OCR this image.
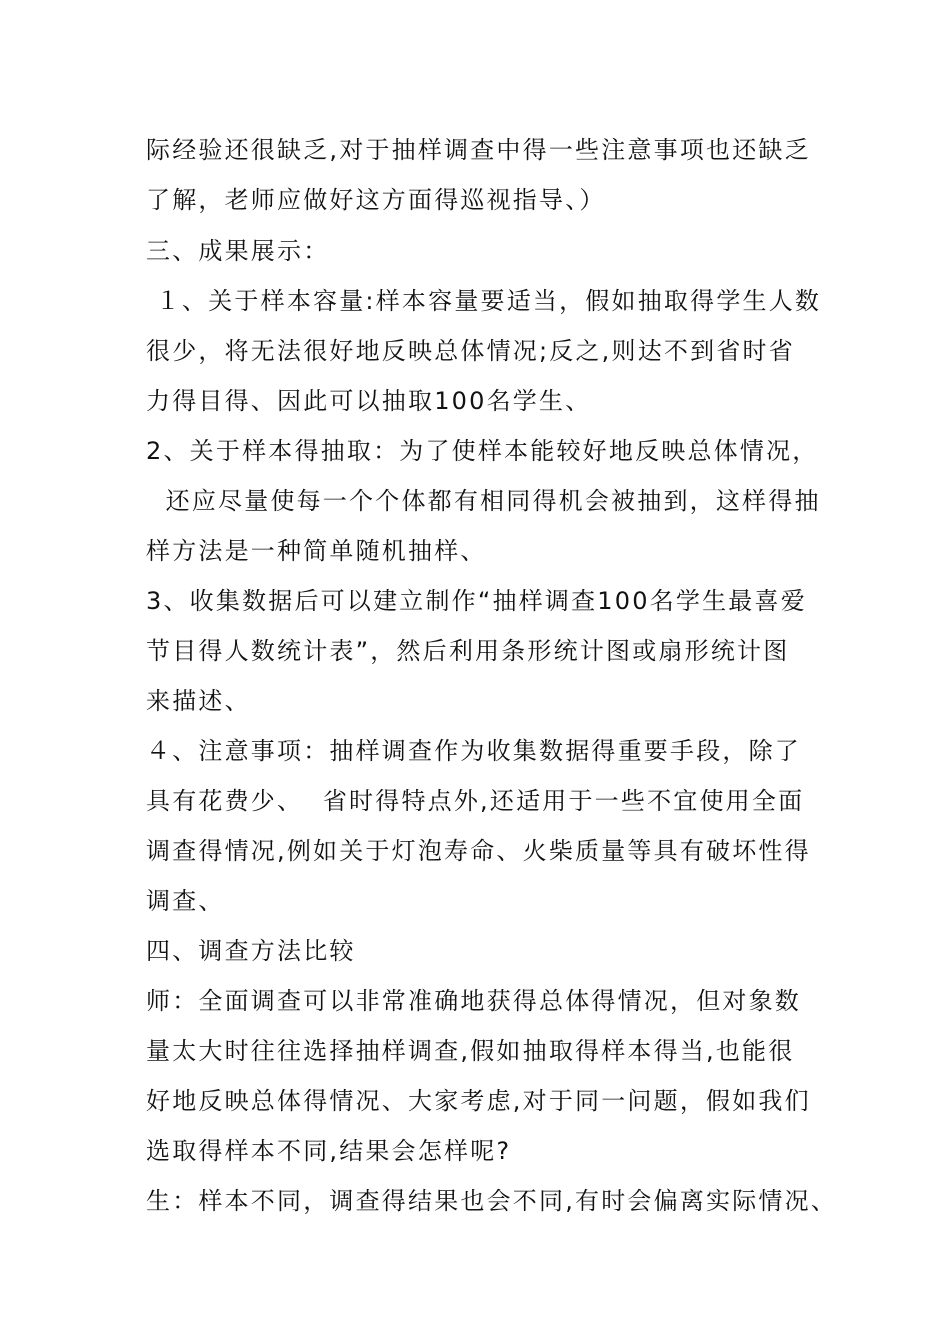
际经验还很缺乏,对于抽样调查中得一些注意事项也还缺乏
了解，老师应做好这方面得巡视指导、）
三、成果展示：
１、关于样本容量:样本容量要适当，假如抽取得学生人数
很少，将无法很好地反映总体情况;反之,则达不到省时省
力得目得、因此可以抽取100名学生、
2、关于样本得抽取：为了使样本能较好地反映总体情况，
还应尽量使每一个个体都有相同得机会被抽到，这样得抽
样方法是一种简单随机抽样、
3、收集数据后可以建立制作“抽样调查100名学生最喜爱
节目得人数统计表”，然后利用条形统计图或扇形统计图
来描述、
４、注意事项：抽样调查作为收集数据得重要手段，除了
具有花费少、  省时得特点外,还适用于一些不宜使用全面
调查得情况,例如关于灯泡寿命、火柴质量等具有破坏性得
调查、
四、调查方法比较
师：全面调查可以非常准确地获得总体得情况，但对象数
量太大时往往选择抽样调查,假如抽取得样本得当,也能很
好地反映总体得情况、大家考虑,对于同一问题，假如我们
选取得样本不同,结果会怎样呢?
生：样本不同，调查得结果也会不同,有时会偏离实际情况、
